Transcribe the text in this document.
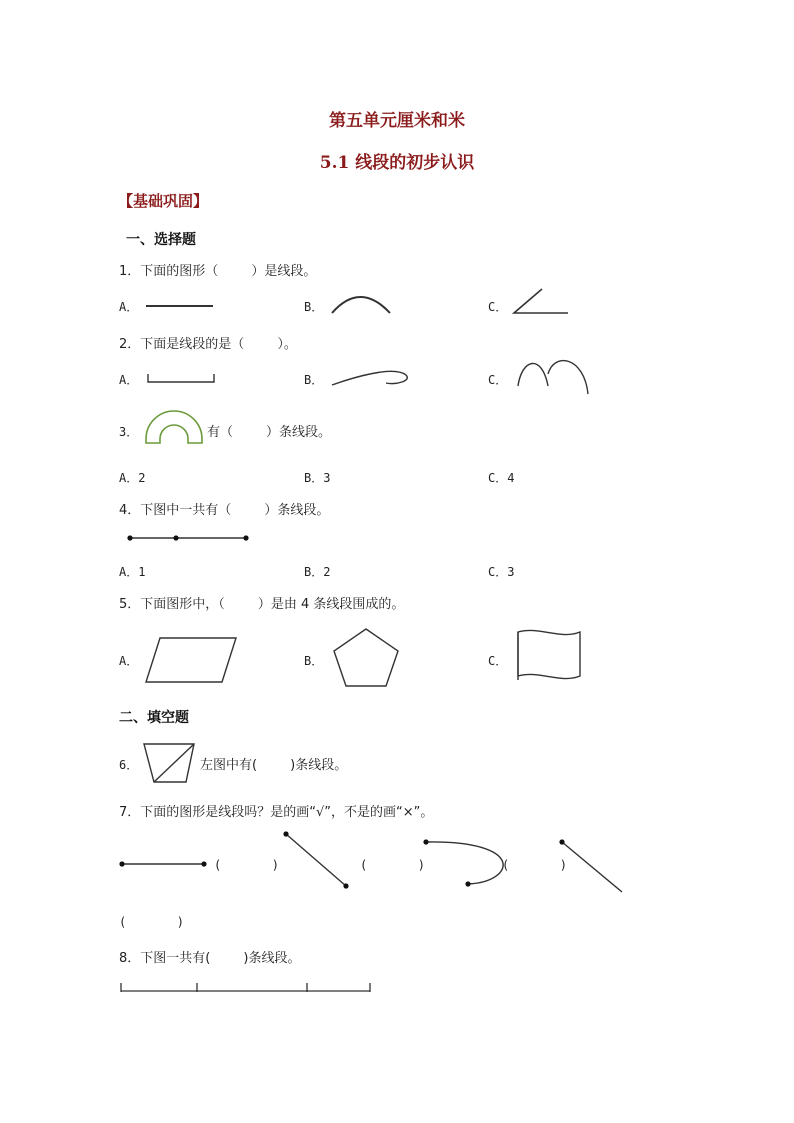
第五单元厘米和米
5.1 线段的初步认识
【基础巩固】
一、选择题
1．下面的图形（        ）是线段。
A．	B．	C．
2．下面是线段的是（        ）。
A．	B．	C．
3．	有（        ）条线段。
A．2	B．3	C．4
4．下图中一共有（        ）条线段。
A．1	B．2	C．3
5．下面图形中，（        ）是由 4 条线段围成的。
A．	B．	C．
二、填空题
6．	左图中有(        )条线段。
7．下面的图形是线段吗？是的画“√”，不是的画“×”。
(       )	(       )	(       )
(       )
8．下图一共有(        )条线段。
